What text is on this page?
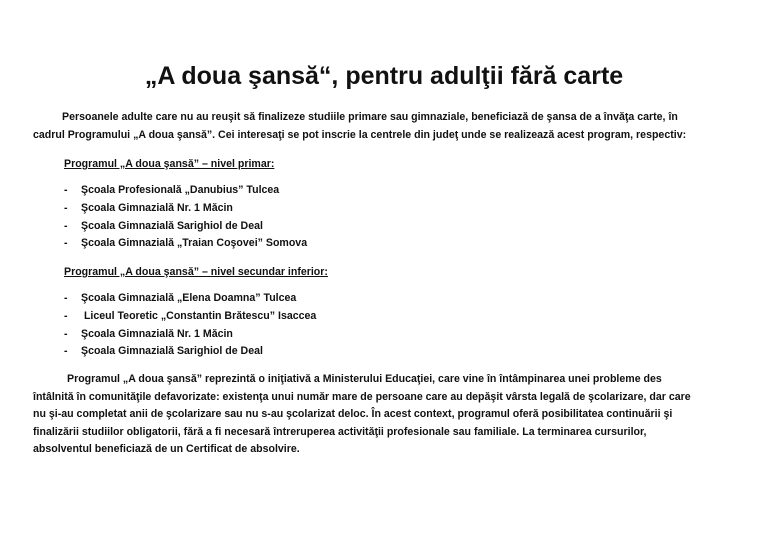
„A doua şansă“, pentru adulţii fără carte
Persoanele adulte care nu au reuşit să finalizeze studiile primare sau gimnaziale, beneficiază de şansa de a învăţa carte, în
cadrul Programului „A doua şansă”. Cei interesaţi se pot inscrie la centrele din judeţ unde se realizează acest program, respectiv:
Programul „A doua şansă” – nivel primar:
- Şcoala Profesională „Danubius” Tulcea
- Şcoala Gimnazială Nr. 1 Măcin
- Şcoala Gimnazială Sarighiol de Deal
- Şcoala Gimnazială „Traian Coşovei” Somova
Programul „A doua şansă” – nivel secundar inferior:
- Şcoala Gimnazială „Elena Doamna” Tulcea
- Liceul Teoretic „Constantin Brătescu” Isaccea
- Şcoala Gimnazială Nr. 1 Măcin
- Şcoala Gimnazială Sarighiol de Deal
Programul „A doua şansă” reprezintă o iniţiativă a Ministerului Educaţiei, care vine în întâmpinarea unei probleme des
întâlnită în comunităţile defavorizate: existenţa unui număr mare de persoane care au depăşit vârsta legală de şcolarizare, dar care
nu şi-au completat anii de şcolarizare sau nu s-au şcolarizat deloc. În acest context, programul oferă posibilitatea continuării şi
finalizării studiilor obligatorii, fără a fi necesară întreruperea activităţii profesionale sau familiale. La terminarea cursurilor,
absolventul beneficiază de un Certificat de absolvire.
